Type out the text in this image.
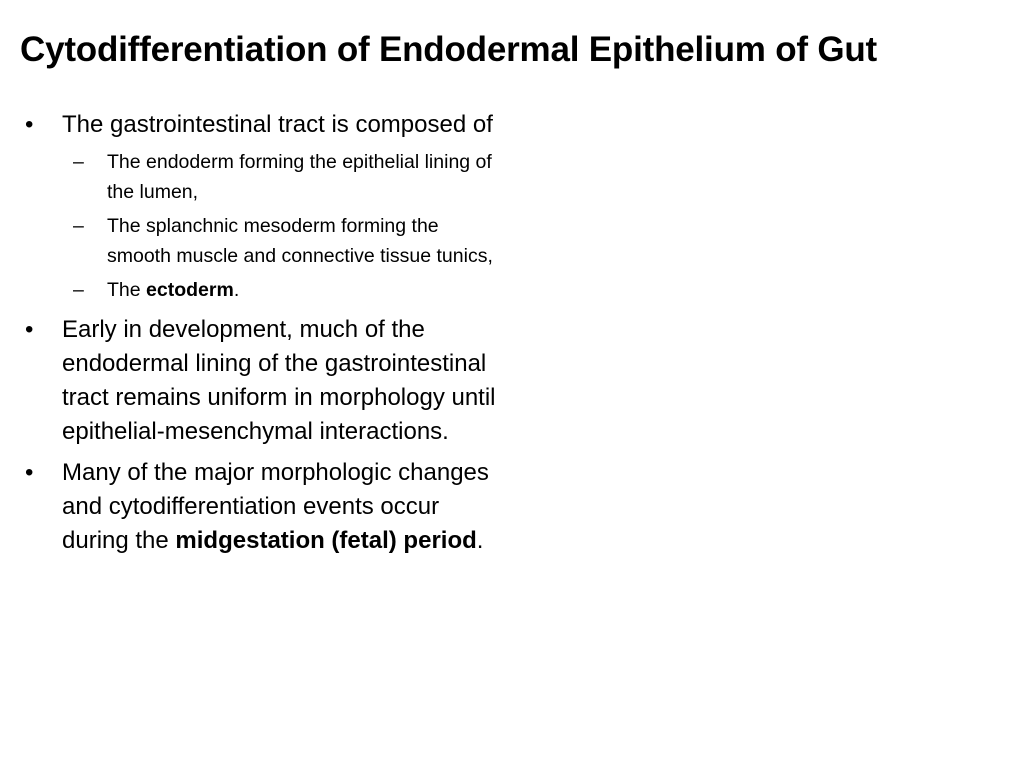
Cytodifferentiation of Endodermal Epithelium of Gut
•	The gastrointestinal tract is composed of
–	The endoderm forming the epithelial lining of the lumen,
–	The splanchnic mesoderm forming the smooth muscle and connective tissue tunics,
–	The ectoderm.
•	Early in development, much of the endodermal lining of the gastrointestinal tract remains uniform in morphology until epithelial-mesenchymal interactions.
•	Many of the major morphologic changes and cytodifferentiation events occur during the midgestation (fetal) period.
